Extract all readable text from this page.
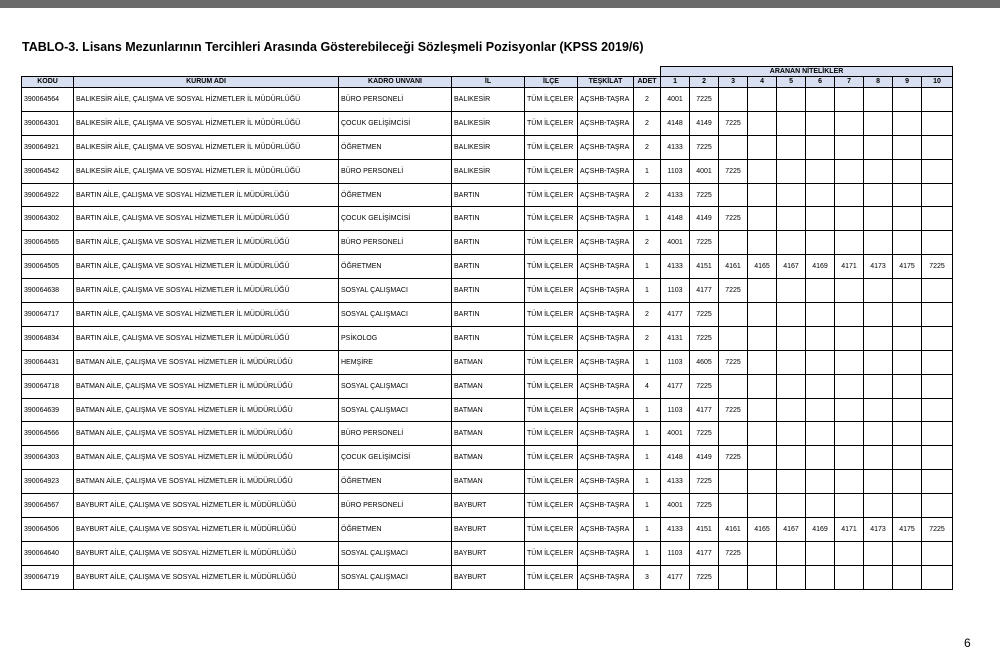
TABLO-3. Lisans Mezunlarının Tercihleri Arasında Gösterebileceği Sözleşmeli Pozisyonlar (KPSS 2019/6)
							ARANAN NİTELİKLER									
KODU	KURUM ADI	KADRO UNVANI	İL	İLÇE	TEŞKİLAT	ADET	1	2	3	4	5	6	7	8	9	10
390064564	BALIKESİR AİLE, ÇALIŞMA VE SOSYAL HİZMETLER İL MÜDÜRLÜĞÜ	BÜRO PERSONELİ	BALIKESİR	TÜM İLÇELER	AÇSHB-TAŞRA	2	4001	7225								
390064301	BALIKESİR AİLE, ÇALIŞMA VE SOSYAL HİZMETLER İL MÜDÜRLÜĞÜ	ÇOCUK GELİŞİMCİSİ	BALIKESİR	TÜM İLÇELER	AÇSHB-TAŞRA	2	4148	4149	7225							
390064921	BALIKESİR AİLE, ÇALIŞMA VE SOSYAL HİZMETLER İL MÜDÜRLÜĞÜ	ÖĞRETMEN	BALIKESİR	TÜM İLÇELER	AÇSHB-TAŞRA	2	4133	7225								
390064542	BALIKESİR AİLE, ÇALIŞMA VE SOSYAL HİZMETLER İL MÜDÜRLÜĞÜ	BÜRO PERSONELİ	BALIKESİR	TÜM İLÇELER	AÇSHB-TAŞRA	1	1103	4001	7225							
390064922	BARTIN AİLE, ÇALIŞMA VE SOSYAL HİZMETLER İL MÜDÜRLÜĞÜ	ÖĞRETMEN	BARTIN	TÜM İLÇELER	AÇSHB-TAŞRA	2	4133	7225								
390064302	BARTIN AİLE, ÇALIŞMA VE SOSYAL HİZMETLER İL MÜDÜRLÜĞÜ	ÇOCUK GELİŞİMCİSİ	BARTIN	TÜM İLÇELER	AÇSHB-TAŞRA	1	4148	4149	7225							
390064565	BARTIN AİLE, ÇALIŞMA VE SOSYAL HİZMETLER İL MÜDÜRLÜĞÜ	BÜRO PERSONELİ	BARTIN	TÜM İLÇELER	AÇSHB-TAŞRA	2	4001	7225								
390064505	BARTIN AİLE, ÇALIŞMA VE SOSYAL HİZMETLER İL MÜDÜRLÜĞÜ	ÖĞRETMEN	BARTIN	TÜM İLÇELER	AÇSHB-TAŞRA	1	4133	4151	4161	4165	4167	4169	4171	4173	4175	7225
390064638	BARTIN AİLE, ÇALIŞMA VE SOSYAL HİZMETLER İL MÜDÜRLÜĞÜ	SOSYAL ÇALIŞMACI	BARTIN	TÜM İLÇELER	AÇSHB-TAŞRA	1	1103	4177	7225							
390064717	BARTIN AİLE, ÇALIŞMA VE SOSYAL HİZMETLER İL MÜDÜRLÜĞÜ	SOSYAL ÇALIŞMACI	BARTIN	TÜM İLÇELER	AÇSHB-TAŞRA	2	4177	7225								
390064834	BARTIN AİLE, ÇALIŞMA VE SOSYAL HİZMETLER İL MÜDÜRLÜĞÜ	PSİKOLOG	BARTIN	TÜM İLÇELER	AÇSHB-TAŞRA	2	4131	7225								
390064431	BATMAN AİLE, ÇALIŞMA VE SOSYAL HİZMETLER İL MÜDÜRLÜĞÜ	HEMŞİRE	BATMAN	TÜM İLÇELER	AÇSHB-TAŞRA	1	1103	4605	7225							
390064718	BATMAN AİLE, ÇALIŞMA VE SOSYAL HİZMETLER İL MÜDÜRLÜĞÜ	SOSYAL ÇALIŞMACI	BATMAN	TÜM İLÇELER	AÇSHB-TAŞRA	4	4177	7225								
390064639	BATMAN AİLE, ÇALIŞMA VE SOSYAL HİZMETLER İL MÜDÜRLÜĞÜ	SOSYAL ÇALIŞMACI	BATMAN	TÜM İLÇELER	AÇSHB-TAŞRA	1	1103	4177	7225							
390064566	BATMAN AİLE, ÇALIŞMA VE SOSYAL HİZMETLER İL MÜDÜRLÜĞÜ	BÜRO PERSONELİ	BATMAN	TÜM İLÇELER	AÇSHB-TAŞRA	1	4001	7225								
390064303	BATMAN AİLE, ÇALIŞMA VE SOSYAL HİZMETLER İL MÜDÜRLÜĞÜ	ÇOCUK GELİŞİMCİSİ	BATMAN	TÜM İLÇELER	AÇSHB-TAŞRA	1	4148	4149	7225							
390064923	BATMAN AİLE, ÇALIŞMA VE SOSYAL HİZMETLER İL MÜDÜRLÜĞÜ	ÖĞRETMEN	BATMAN	TÜM İLÇELER	AÇSHB-TAŞRA	1	4133	7225								
390064567	BAYBURT AİLE, ÇALIŞMA VE SOSYAL HİZMETLER İL MÜDÜRLÜĞÜ	BÜRO PERSONELİ	BAYBURT	TÜM İLÇELER	AÇSHB-TAŞRA	1	4001	7225								
390064506	BAYBURT AİLE, ÇALIŞMA VE SOSYAL HİZMETLER İL MÜDÜRLÜĞÜ	ÖĞRETMEN	BAYBURT	TÜM İLÇELER	AÇSHB-TAŞRA	1	4133	4151	4161	4165	4167	4169	4171	4173	4175	7225
390064640	BAYBURT AİLE, ÇALIŞMA VE SOSYAL HİZMETLER İL MÜDÜRLÜĞÜ	SOSYAL ÇALIŞMACI	BAYBURT	TÜM İLÇELER	AÇSHB-TAŞRA	1	1103	4177	7225							
390064719	BAYBURT AİLE, ÇALIŞMA VE SOSYAL HİZMETLER İL MÜDÜRLÜĞÜ	SOSYAL ÇALIŞMACI	BAYBURT	TÜM İLÇELER	AÇSHB-TAŞRA	3	4177	7225								
6
